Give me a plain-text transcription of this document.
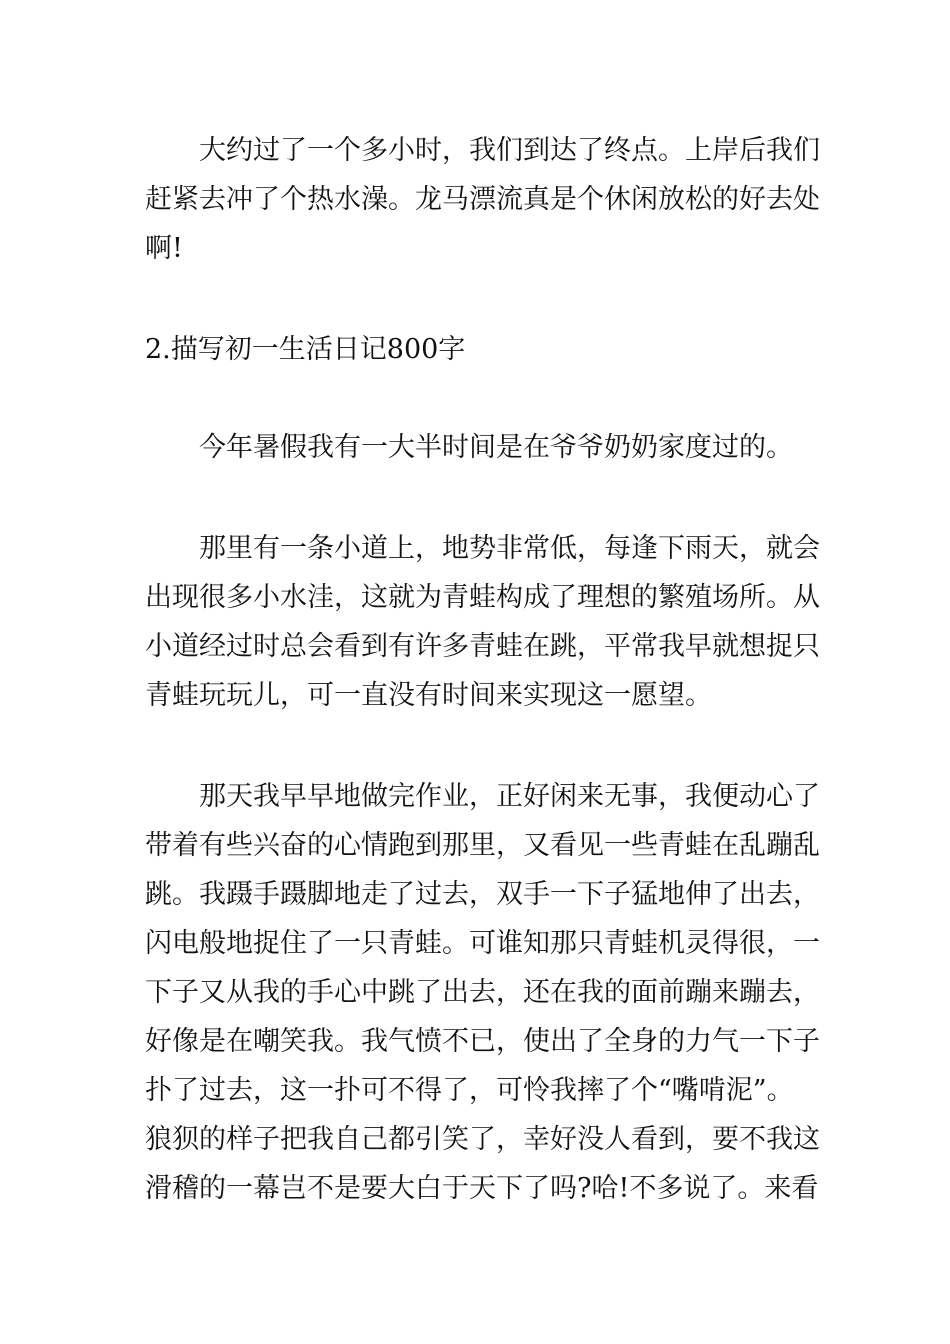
　　大约过了一个多小时，我们到达了终点。上岸后我们
赶紧去冲了个热水澡。龙马漂流真是个休闲放松的好去处
啊!
2.描写初一生活日记800字
　　今年暑假我有一大半时间是在爷爷奶奶家度过的。
　　那里有一条小道上，地势非常低，每逢下雨天，就会
出现很多小水洼，这就为青蛙构成了理想的繁殖场所。从
小道经过时总会看到有许多青蛙在跳，平常我早就想捉只
青蛙玩玩儿，可一直没有时间来实现这一愿望。
　　那天我早早地做完作业，正好闲来无事，我便动心了
带着有些兴奋的心情跑到那里，又看见一些青蛙在乱蹦乱
跳。我蹑手蹑脚地走了过去，双手一下子猛地伸了出去，
闪电般地捉住了一只青蛙。可谁知那只青蛙机灵得很，一
下子又从我的手心中跳了出去，还在我的面前蹦来蹦去，
好像是在嘲笑我。我气愤不已，使出了全身的力气一下子
扑了过去，这一扑可不得了，可怜我摔了个“嘴啃泥”。
狼狈的样子把我自己都引笑了，幸好没人看到，要不我这
滑稽的一幕岂不是要大白于天下了吗?哈!不多说了。来看
